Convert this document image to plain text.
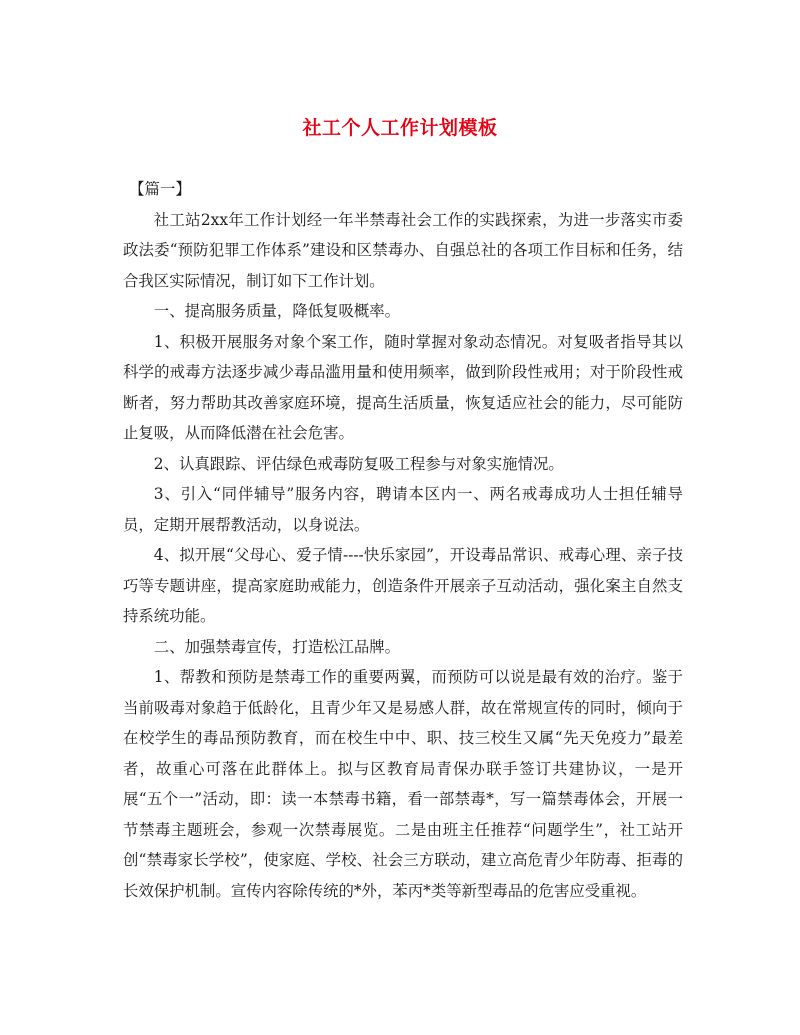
社工个人工作计划模板

【篇一】

社工站2xx年工作计划经一年半禁毒社会工作的实践探索，为进一步落实市委政法委“预防犯罪工作体系”建设和区禁毒办、自强总社的各项工作目标和任务，结合我区实际情况，制订如下工作计划。

一、提高服务质量，降低复吸概率。

1、积极开展服务对象个案工作，随时掌握对象动态情况。对复吸者指导其以科学的戒毒方法逐步减少毒品滥用量和使用频率，做到阶段性戒用；对于阶段性戒断者，努力帮助其改善家庭环境，提高生活质量，恢复适应社会的能力，尽可能防止复吸，从而降低潜在社会危害。

2、认真跟踪、评估绿色戒毒防复吸工程参与对象实施情况。

3、引入“同伴辅导”服务内容，聘请本区内一、两名戒毒成功人士担任辅导员，定期开展帮教活动，以身说法。

4、拟开展“父母心、爱子情----快乐家园”，开设毒品常识、戒毒心理、亲子技巧等专题讲座，提高家庭助戒能力，创造条件开展亲子互动活动，强化案主自然支持系统功能。

二、加强禁毒宣传，打造松江品牌。

1、帮教和预防是禁毒工作的重要两翼，而预防可以说是最有效的治疗。鉴于当前吸毒对象趋于低龄化，且青少年又是易感人群，故在常规宣传的同时，倾向于在校学生的毒品预防教育，而在校生中中、职、技三校生又属“先天免疫力”最差者，故重心可落在此群体上。拟与区教育局青保办联手签订共建协议，一是开展“五个一”活动，即：读一本禁毒书籍，看一部禁毒*，写一篇禁毒体会，开展一节禁毒主题班会，参观一次禁毒展览。二是由班主任推荐“问题学生”，社工站开创“禁毒家长学校”，使家庭、学校、社会三方联动，建立高危青少年防毒、拒毒的长效保护机制。宣传内容除传统的*外，苯丙*类等新型毒品的危害应受重视。
